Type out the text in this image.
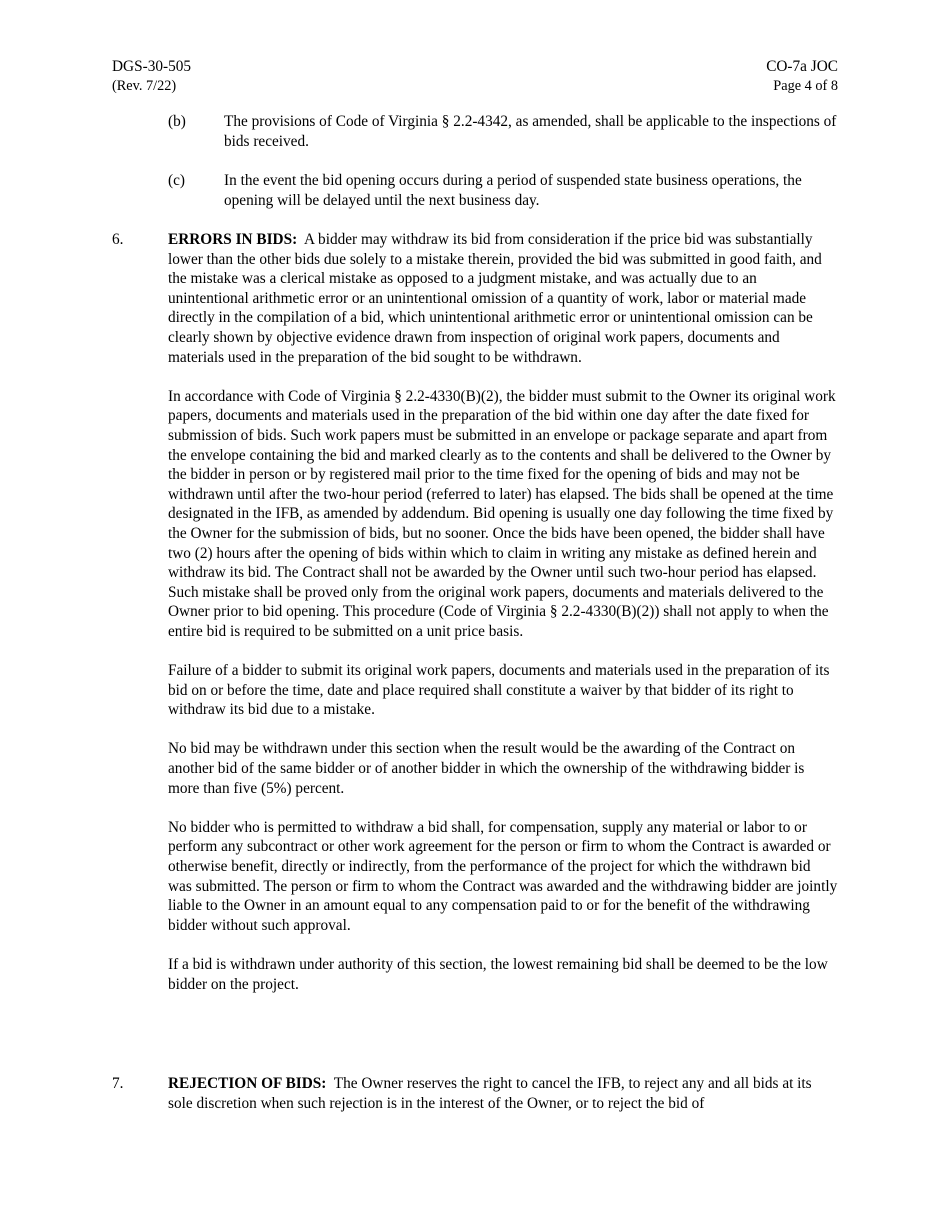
DGS-30-505
(Rev. 7/22)
CO-7a JOC
Page 4 of 8
(b) The provisions of Code of Virginia § 2.2-4342, as amended, shall be applicable to the inspections of bids received.
(c)	In the event the bid opening occurs during a period of suspended state business operations, the opening will be delayed until the next business day.
6.	ERRORS IN BIDS: A bidder may withdraw its bid from consideration if the price bid was substantially lower than the other bids due solely to a mistake therein, provided the bid was submitted in good faith, and the mistake was a clerical mistake as opposed to a judgment mistake, and was actually due to an unintentional arithmetic error or an unintentional omission of a quantity of work, labor or material made directly in the compilation of a bid, which unintentional arithmetic error or unintentional omission can be clearly shown by objective evidence drawn from inspection of original work papers, documents and materials used in the preparation of the bid sought to be withdrawn.

In accordance with Code of Virginia § 2.2-4330(B)(2), the bidder must submit to the Owner its original work papers, documents and materials used in the preparation of the bid within one day after the date fixed for submission of bids. Such work papers must be submitted in an envelope or package separate and apart from the envelope containing the bid and marked clearly as to the contents and shall be delivered to the Owner by the bidder in person or by registered mail prior to the time fixed for the opening of bids and may not be withdrawn until after the two-hour period (referred to later) has elapsed. The bids shall be opened at the time designated in the IFB, as amended by addendum. Bid opening is usually one day following the time fixed by the Owner for the submission of bids, but no sooner. Once the bids have been opened, the bidder shall have two (2) hours after the opening of bids within which to claim in writing any mistake as defined herein and withdraw its bid. The Contract shall not be awarded by the Owner until such two-hour period has elapsed. Such mistake shall be proved only from the original work papers, documents and materials delivered to the Owner prior to bid opening. This procedure (Code of Virginia § 2.2-4330(B)(2)) shall not apply to when the entire bid is required to be submitted on a unit price basis.

Failure of a bidder to submit its original work papers, documents and materials used in the preparation of its bid on or before the time, date and place required shall constitute a waiver by that bidder of its right to withdraw its bid due to a mistake.

No bid may be withdrawn under this section when the result would be the awarding of the Contract on another bid of the same bidder or of another bidder in which the ownership of the withdrawing bidder is more than five (5%) percent.

No bidder who is permitted to withdraw a bid shall, for compensation, supply any material or labor to or perform any subcontract or other work agreement for the person or firm to whom the Contract is awarded or otherwise benefit, directly or indirectly, from the performance of the project for which the withdrawn bid was submitted. The person or firm to whom the Contract was awarded and the withdrawing bidder are jointly liable to the Owner in an amount equal to any compensation paid to or for the benefit of the withdrawing bidder without such approval.

If a bid is withdrawn under authority of this section, the lowest remaining bid shall be deemed to be the low bidder on the project.

7.	REJECTION OF BIDS: The Owner reserves the right to cancel the IFB, to reject any and all bids at its sole discretion when such rejection is in the interest of the Owner, or to reject the bid of
